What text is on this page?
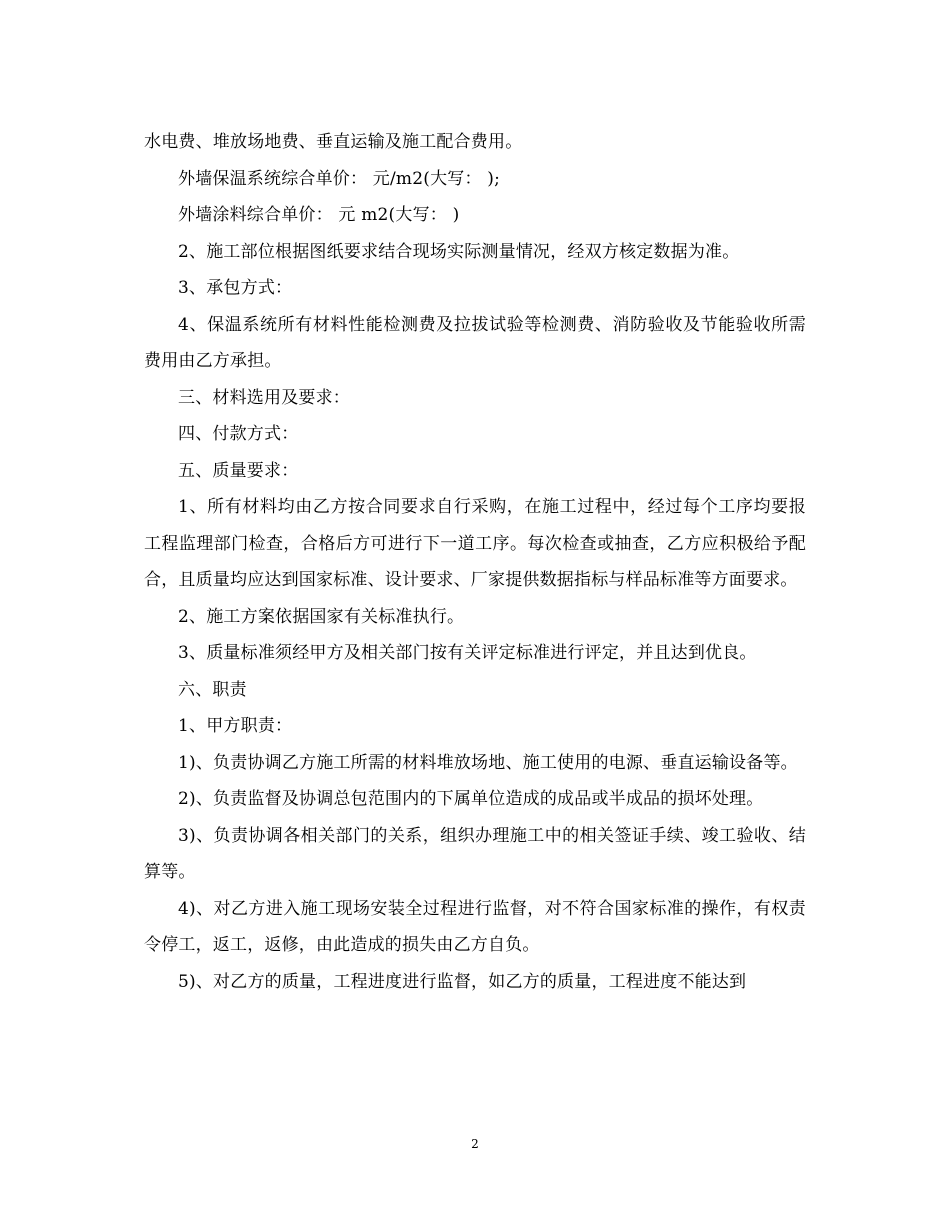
水电费、堆放场地费、垂直运输及施工配合费用。

外墙保温系统综合单价： 元/m2(大写： );

外墙涂料综合单价： 元 m2(大写： )

2、施工部位根据图纸要求结合现场实际测量情况，经双方核定数据为准。

3、承包方式：

4、保温系统所有材料性能检测费及拉拔试验等检测费、消防验收及节能验收所需费用由乙方承担。

三、材料选用及要求：

四、付款方式：

五、质量要求：

1、所有材料均由乙方按合同要求自行采购，在施工过程中，经过每个工序均要报工程监理部门检查，合格后方可进行下一道工序。每次检查或抽查，乙方应积极给予配合，且质量均应达到国家标准、设计要求、厂家提供数据指标与样品标准等方面要求。

2、施工方案依据国家有关标准执行。

3、质量标准须经甲方及相关部门按有关评定标准进行评定，并且达到优良。

六、职责

1、甲方职责：

1)、负责协调乙方施工所需的材料堆放场地、施工使用的电源、垂直运输设备等。

2)、负责监督及协调总包范围内的下属单位造成的成品或半成品的损坏处理。

3)、负责协调各相关部门的关系，组织办理施工中的相关签证手续、竣工验收、结算等。

4)、对乙方进入施工现场安装全过程进行监督，对不符合国家标准的操作，有权责令停工，返工，返修，由此造成的损失由乙方自负。

5)、对乙方的质量，工程进度进行监督，如乙方的质量，工程进度不能达到

2
